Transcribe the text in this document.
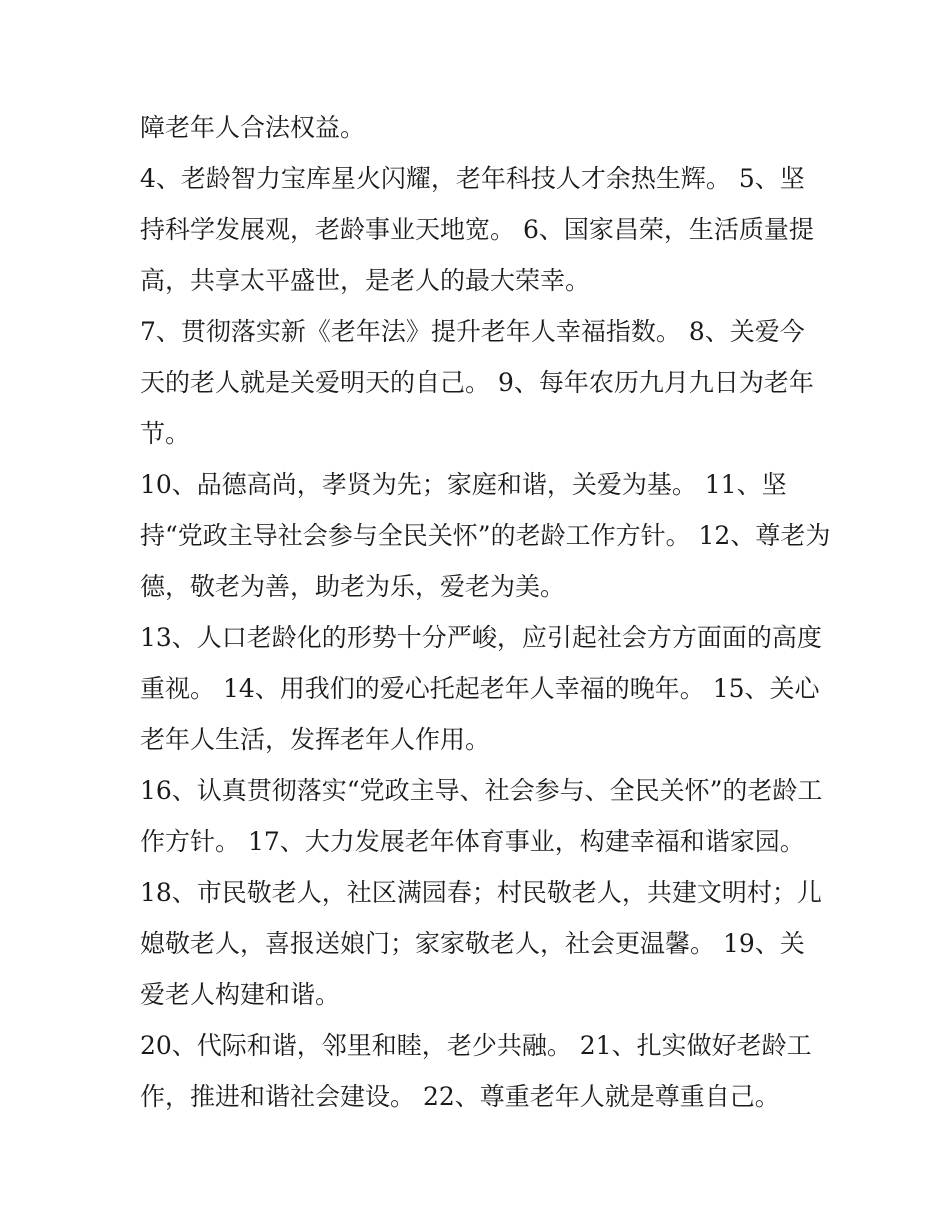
障老年人合法权益。
4、老龄智力宝库星火闪耀，老年科技人才余热生辉。 5、坚
持科学发展观，老龄事业天地宽。 6、国家昌荣，生活质量提
高，共享太平盛世，是老人的最大荣幸。
7、贯彻落实新《老年法》提升老年人幸福指数。 8、关爱今
天的老人就是关爱明天的自己。 9、每年农历九月九日为老年
节。
10、品德高尚，孝贤为先；家庭和谐，关爱为基。 11、坚
持“党政主导社会参与全民关怀”的老龄工作方针。 12、尊老为
德，敬老为善，助老为乐，爱老为美。
13、人口老龄化的形势十分严峻，应引起社会方方面面的高度
重视。 14、用我们的爱心托起老年人幸福的晚年。 15、关心
老年人生活，发挥老年人作用。
16、认真贯彻落实“党政主导、社会参与、全民关怀”的老龄工
作方针。 17、大力发展老年体育事业，构建幸福和谐家园。
18、市民敬老人，社区满园春；村民敬老人，共建文明村；儿
媳敬老人，喜报送娘门；家家敬老人，社会更温馨。 19、关
爱老人构建和谐。
20、代际和谐，邻里和睦，老少共融。 21、扎实做好老龄工
作，推进和谐社会建设。 22、尊重老年人就是尊重自己。
